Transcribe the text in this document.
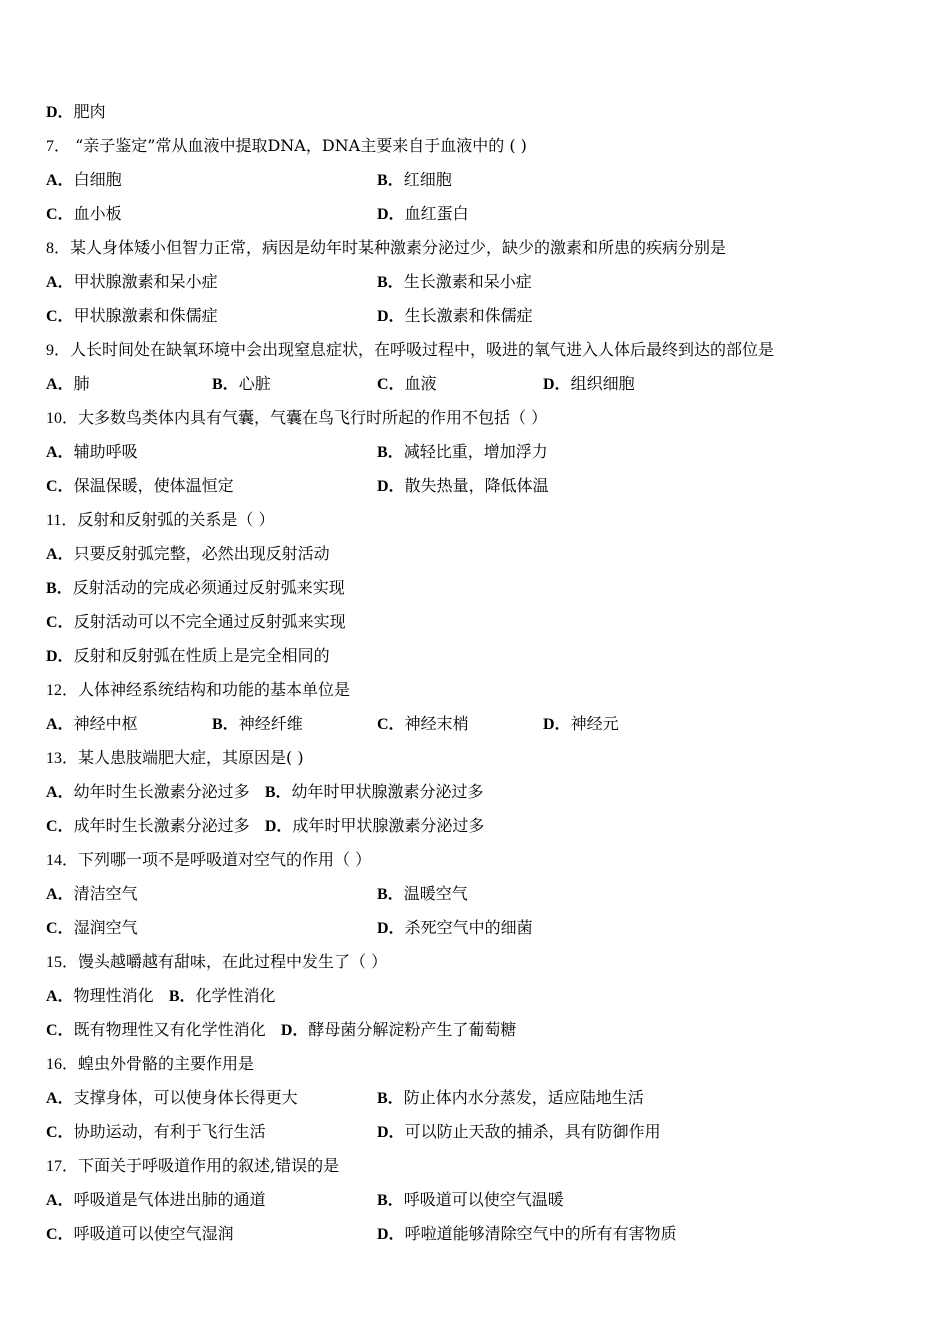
D．肥肉
7． “亲子鉴定”常从血液中提取DNA，DNA主要来自于血液中的 ( )
A．白细胞	B．红细胞
C．血小板	D．血红蛋白
8．某人身体矮小但智力正常，病因是幼年时某种激素分泌过少，缺少的激素和所患的疾病分别是
A．甲状腺激素和呆小症	B．生长激素和呆小症
C．甲状腺激素和侏儒症	D．生长激素和侏儒症
9．人长时间处在缺氧环境中会出现窒息症状，在呼吸过程中，吸进的氧气进入人体后最终到达的部位是
A．肺	B．心脏	C．血液	D．组织细胞
10．大多数鸟类体内具有气囊，气囊在鸟飞行时所起的作用不包括（ ）
A．辅助呼吸	B．减轻比重，增加浮力
C．保温保暖，使体温恒定	D．散失热量，降低体温
11．反射和反射弧的关系是（ ）
A．只要反射弧完整，必然出现反射活动
B．反射活动的完成必须通过反射弧来实现
C．反射活动可以不完全通过反射弧来实现
D．反射和反射弧在性质上是完全相同的
12．人体神经系统结构和功能的基本单位是
A．神经中枢	B．神经纤维	C．神经末梢	D．神经元
13．某人患肢端肥大症，其原因是( )
A．幼年时生长激素分泌过多 B．幼年时甲状腺激素分泌过多
C．成年时生长激素分泌过多 D．成年时甲状腺激素分泌过多
14．下列哪一项不是呼吸道对空气的作用（ ）
A．清洁空气	B．温暖空气
C．湿润空气	D．杀死空气中的细菌
15．馒头越嚼越有甜味，在此过程中发生了（ ）
A．物理性消化 B．化学性消化
C．既有物理性又有化学性消化 D．酵母菌分解淀粉产生了葡萄糖
16．蝗虫外骨骼的主要作用是
A．支撑身体，可以使身体长得更大	B．防止体内水分蒸发，适应陆地生活
C．协助运动，有利于飞行生活	D．可以防止天敌的捕杀，具有防御作用
17．下面关于呼吸道作用的叙述,错误的是
A．呼吸道是气体进出肺的通道	B．呼吸道可以使空气温暖
C．呼吸道可以使空气湿润	D．呼啦道能够清除空气中的所有有害物质
